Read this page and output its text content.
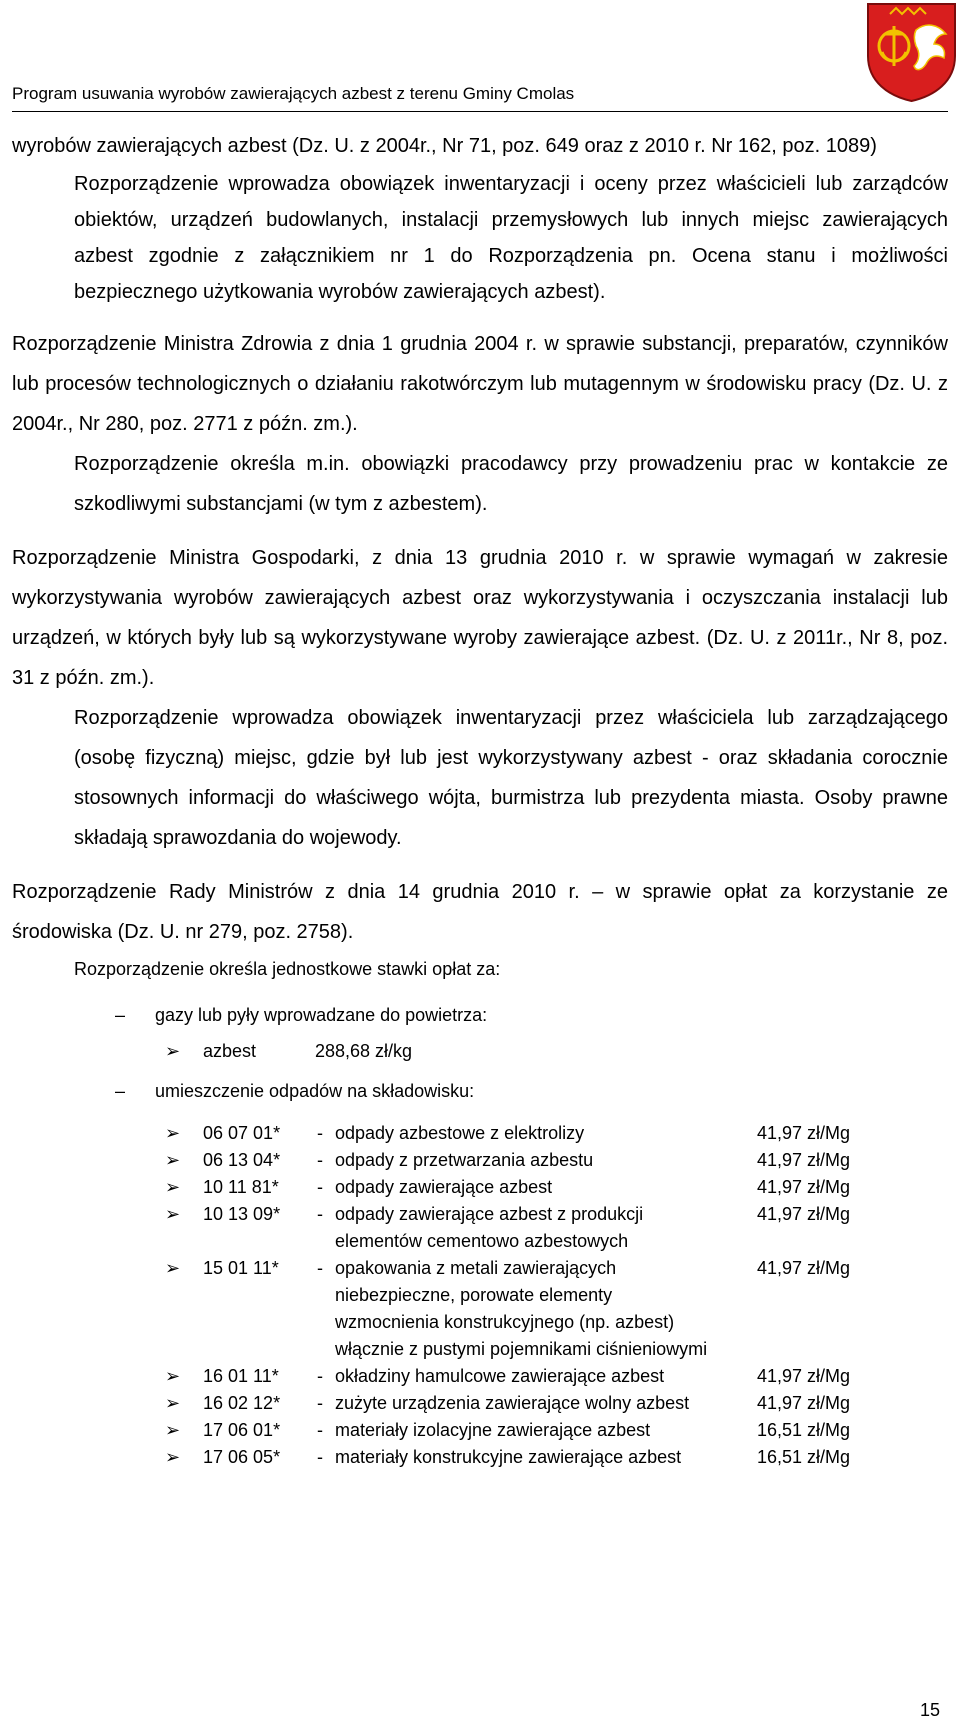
Program usuwania wyrobów zawierających azbest z terenu Gminy Cmolas

wyrobów zawierających azbest (Dz. U. z 2004r., Nr 71, poz. 649 oraz z 2010 r. Nr 162, poz. 1089)

Rozporządzenie wprowadza obowiązek inwentaryzacji i oceny przez właścicieli lub zarządców obiektów, urządzeń budowlanych, instalacji przemysłowych lub innych miejsc zawierających azbest zgodnie z załącznikiem nr 1 do Rozporządzenia pn. Ocena stanu i możliwości bezpiecznego użytkowania wyrobów zawierających azbest).

Rozporządzenie Ministra Zdrowia z dnia 1 grudnia 2004 r. w sprawie substancji, preparatów, czynników lub procesów technologicznych o działaniu rakotwórczym lub mutagennym w środowisku pracy (Dz. U. z 2004r., Nr 280, poz. 2771 z późn. zm.).

Rozporządzenie określa m.in. obowiązki pracodawcy przy prowadzeniu prac w kontakcie ze szkodliwymi substancjami (w tym z azbestem).

Rozporządzenie Ministra Gospodarki, z dnia 13 grudnia 2010 r. w sprawie wymagań w zakresie wykorzystywania wyrobów zawierających azbest oraz wykorzystywania i oczyszczania instalacji lub urządzeń, w których były lub są wykorzystywane wyroby zawierające azbest. (Dz. U. z 2011r., Nr 8, poz. 31 z późn. zm.).

Rozporządzenie wprowadza obowiązek inwentaryzacji przez właściciela lub zarządzającego (osobę fizyczną) miejsc, gdzie był lub jest wykorzystywany azbest - oraz składania corocznie stosownych informacji do właściwego wójta, burmistrza lub prezydenta miasta. Osoby prawne składają sprawozdania do wojewody.

Rozporządzenie Rady Ministrów z dnia 14 grudnia 2010 r. – w sprawie opłat za korzystanie ze środowiska (Dz. U. nr 279, poz. 2758).

Rozporządzenie określa jednostkowe stawki opłat za:

– gazy lub pyły wprowadzane do powietrza:
➢	azbest	288,68 zł/kg
– umieszczenie odpadów na składowisku:
➢	06 07 01*	- odpady azbestowe z elektrolizy	41,97 zł/Mg
➢	06 13 04*	- odpady z przetwarzania azbestu	41,97 zł/Mg
➢	10 11 81*	- odpady zawierające azbest	41,97 zł/Mg
➢	10 13 09*	- odpady zawierające azbest z produkcji
elementów cementowo azbestowych	41,97 zł/Mg
➢	15 01 11*	- opakowania z metali zawierających
niebezpieczne, porowate elementy
wzmocnienia konstrukcyjnego (np. azbest)
włącznie z pustymi pojemnikami ciśnieniowymi	41,97 zł/Mg
➢	16 01 11*	- okładziny hamulcowe zawierające azbest	41,97 zł/Mg
➢	16 02 12*	- zużyte urządzenia zawierające wolny azbest	41,97 zł/Mg
➢	17 06 01*	- materiały izolacyjne zawierające azbest	16,51 zł/Mg
➢	17 06 05*	- materiały konstrukcyjne zawierające azbest	16,51 zł/Mg
15
